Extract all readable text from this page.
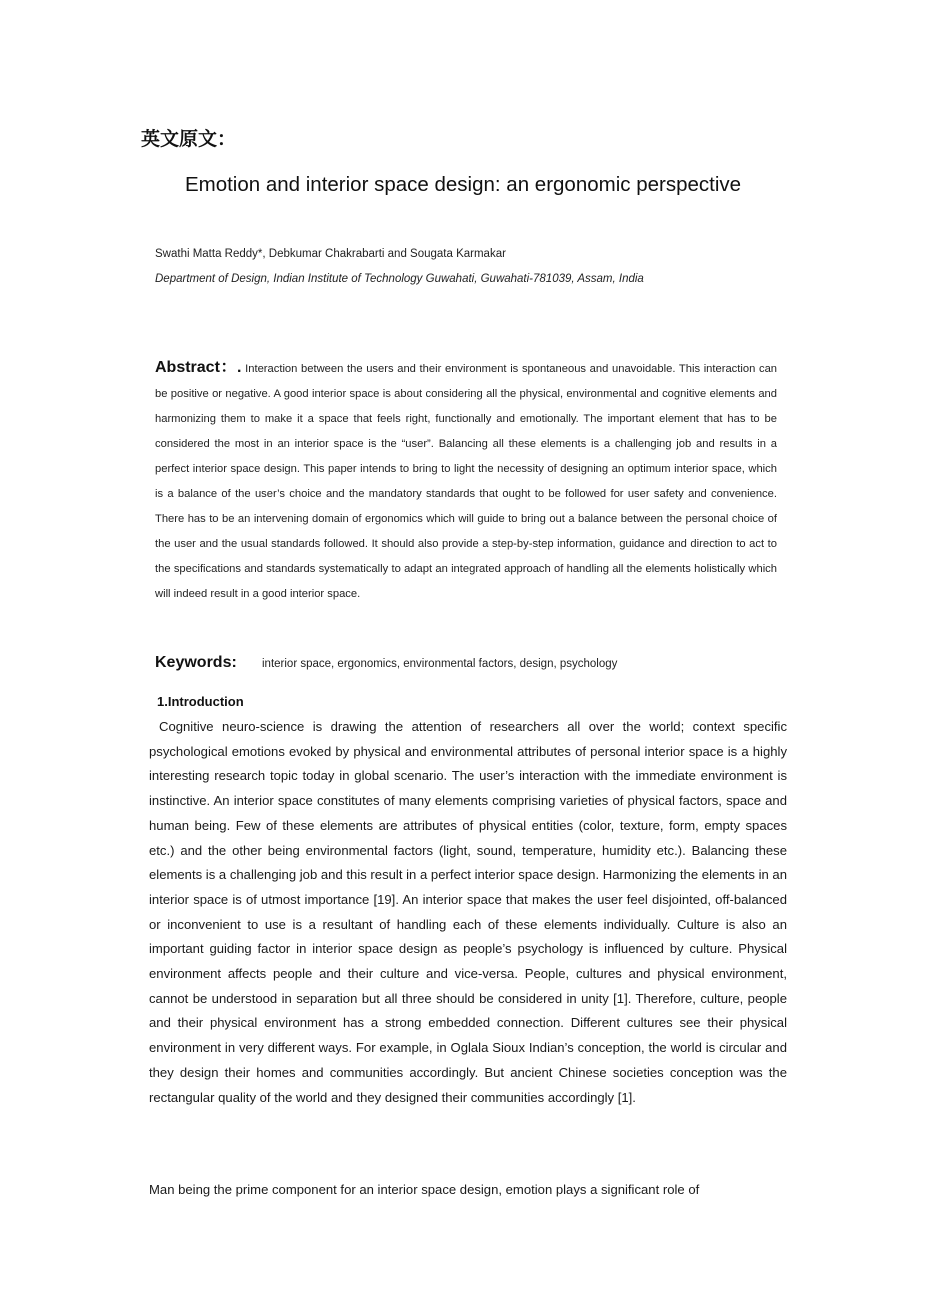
英文原文：
Emotion and interior space design: an ergonomic perspective
Swathi Matta Reddy*, Debkumar Chakrabarti and Sougata Karmakar
Department of Design, Indian Institute of Technology Guwahati, Guwahati-781039, Assam, India
Abstract：. Interaction between the users and their environment is spontaneous and unavoidable. This interaction can be positive or negative. A good interior space is about considering all the physical, environmental and cognitive elements and harmonizing them to make it a space that feels right, functionally and emotionally. The important element that has to be considered the most in an interior space is the “user”. Balancing all these elements is a challenging job and results in a perfect interior space design. This paper intends to bring to light the necessity of designing an optimum interior space, which is a balance of the user’s choice and the mandatory standards that ought to be followed for user safety and convenience. There has to be an intervening domain of ergonomics which will guide to bring out a balance between the personal choice of the user and the usual standards followed. It should also provide a step-by-step information, guidance and direction to act to the specifications and standards systematically to adapt an integrated approach of handling all the elements holistically which will indeed result in a good interior space.
Keywords: interior space, ergonomics, environmental factors, design, psychology
1.Introduction
Cognitive neuro-science is drawing the attention of researchers all over the world; context specific psychological emotions evoked by physical and environmental attributes of personal interior space is a highly interesting research topic today in global scenario. The user’s interaction with the immediate environment is instinctive. An interior space constitutes of many elements comprising varieties of physical factors, space and human being. Few of these elements are attributes of physical entities (color, texture, form, empty spaces etc.) and the other being environmental factors (light, sound, temperature, humidity etc.). Balancing these elements is a challenging job and this result in a perfect interior space design. Harmonizing the elements in an interior space is of utmost importance [19]. An interior space that makes the user feel disjointed, off-balanced or inconvenient to use is a resultant of handling each of these elements individually. Culture is also an important guiding factor in interior space design as people’s psychology is influenced by culture. Physical environment affects people and their culture and vice-versa. People, cultures and physical environment, cannot be understood in separation but all three should be considered in unity [1]. Therefore, culture, people and their physical environment has a strong embedded connection. Different cultures see their physical environment in very different ways. For example, in Oglala Sioux Indian’s conception, the world is circular and they design their homes and communities accordingly. But ancient Chinese societies conception was the rectangular quality of the world and they designed their communities accordingly [1].
Man being the prime component for an interior space design, emotion plays a significant role of
